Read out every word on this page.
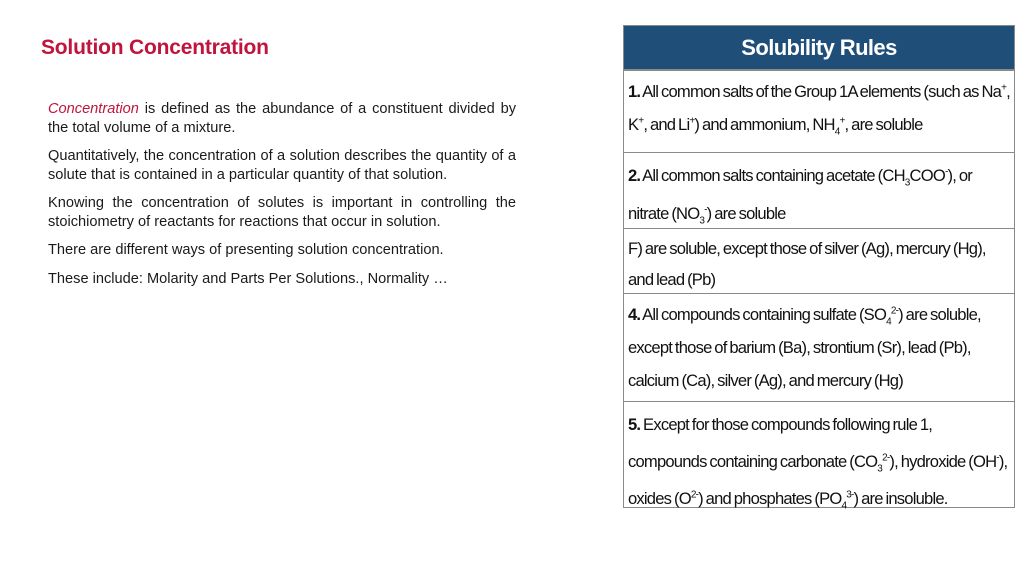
Solution Concentration

Concentration is defined as the abundance of a constituent divided by the total volume of a mixture.

Quantitatively, the concentration of a solution describes the quantity of a solute that is contained in a particular quantity of that solution.

Knowing the concentration of solutes is important in controlling the stoichiometry of reactants for reactions that occur in solution.

There are different ways of presenting solution concentration.

These include: Molarity and Parts Per Solutions., Normality …

Solubility Rules
1. All common salts of the Group 1A elements (such as Na+, K+, and Li+) and ammonium, $NH_4^+$, are soluble
2. All common salts containing acetate $(CH_3COO^-)$, or nitrate $(NO_3^-)$ are soluble
F) are soluble, except those of silver (Ag), mercury (Hg), and lead (Pb)
4. All compounds containing sulfate $(SO_4^{2-})$ are soluble, except those of barium (Ba), strontium (Sr), lead (Pb), calcium (Ca), silver (Ag), and mercury (Hg)
5. Except for those compounds following rule 1, compounds containing carbonate $(CO_3^{2-})$, hydroxide (OH-), oxides $(O^{2-})$ and phosphates $(PO_4^{3-})$ are insoluble.
